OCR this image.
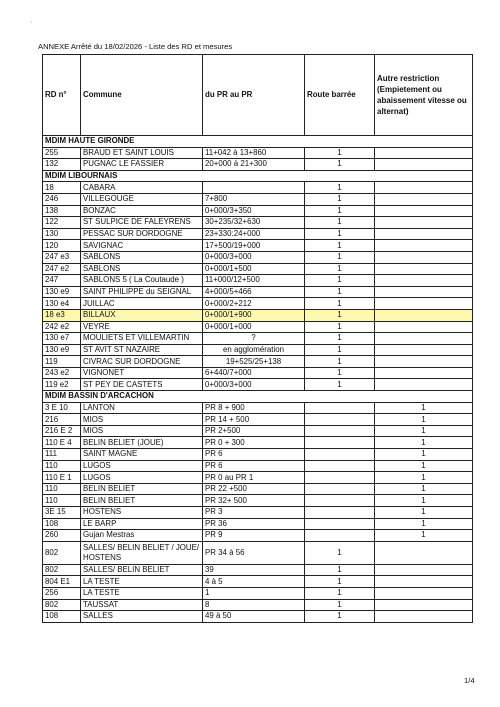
'
ANNEXE Arrêté du 18/02/2026 - Liste des RD et mesures
RD n°	Commune	du PR au PR	Route barrée	Autre restriction (Empietement ou abaissement vitesse ou alternat)
MDIM HAUTE GIRONDE				
255	BRAUD ET SAINT LOUIS	11+042 à 13+860	1	
132	PUGNAC LE FASSIER	20+000 à 21+300	1	
MDIM LIBOURNAIS				
18	CABARA		1	
246	VILLEGOUGE	7+800	1	
138	BONZAC	0+000/3+350	1	
122	ST SULPICE DE FALEYRENS	30+235/32+630	1	
130	PESSAC SUR DORDOGNE	23+330:24+000	1	
120	SAVIGNAC	17+500/19+000	1	
247 e3	SABLONS	0+000/3+000	1	
247 e2	SABLONS	0+000/1+500	1	
247	SABLONS 5 ( La Coutaude )	11+000/12+500	1	
130 e9	SAINT PHILIPPE du SEIGNAL	4+000/5+466	1	
130 e4	JUILLAC	0+000/2+212	1	
18 e3	BILLAUX	0+000/1+900	1	
242 e2	VEYRE	0+000/1+000	1	
130 e7	MOULIETS ET VILLEMARTIN	?	1	
130 e9	ST AVIT ST NAZAIRE	en agglomération	1	
119	CIVRAC SUR DORDOGNE	19+525/25+138	1	
243 e2	VIGNONET	6+440/7+000	1	
119 e2	ST PEY DE CASTETS	0+000/3+000	1	
MDIM BASSIN D'ARCACHON				
3 E 10	LANTON	PR 8 + 900		1
216	MIOS	PR 14 + 500		1
216 E 2	MIOS	PR 2+500		1
110 E 4	BELIN BELIET (JOUE)	PR 0 + 300		1
111	SAINT MAGNE	PR 6		1
110	LUGOS	PR 6		1
110 E 1	LUGOS	PR 0 au PR 1		1
110	BELIN BELIET	PR 22 +500		1
110	BELIN BELIET	PR 32+ 500		1
3E 15	HOSTENS	PR 3		1
108	LE BARP	PR 36		1
260	Gujan Mestras	PR 9		1
802	SALLES/ BELIN BELIET / JOUE/ HOSTENS	PR 34 à 56	1	
802	SALLES/ BELIN BELIET	39	1	
804 E1	LA TESTE	4 à 5	1	
256	LA TESTE	1	1	
802	TAUSSAT	8	1	
108	SALLES	49 à 50	1	
1/4
